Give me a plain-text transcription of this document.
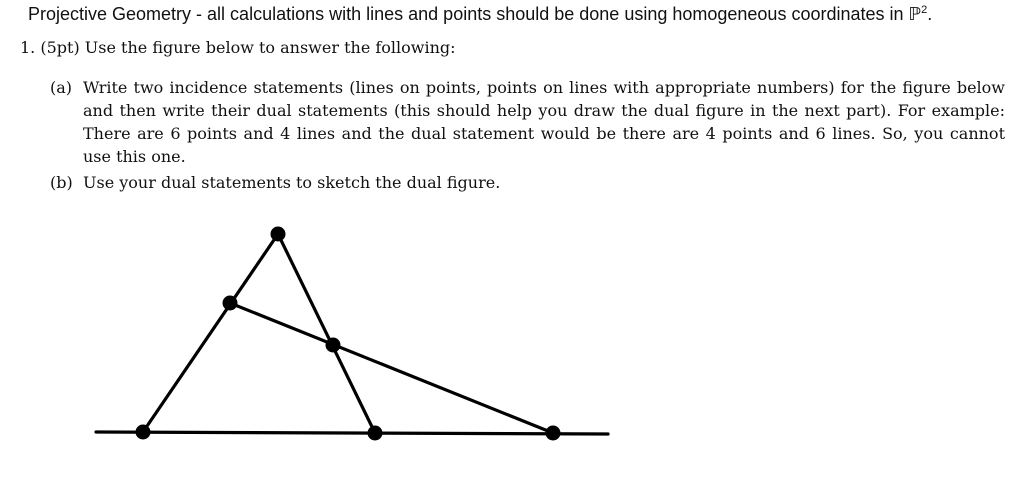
Projective Geometry - all calculations with lines and points should be done using homogeneous coordinates in ℙ$^2$.
1. (5pt) Use the figure below to answer the following:
(a) Write two incidence statements (lines on points, points on lines with appropriate numbers) for the figure below and then write their dual statements (this should help you draw the dual figure in the next part). For example: There are 6 points and 4 lines and the dual statement would be there are 4 points and 6 lines. So, you cannot use this one.
(b) Use your dual statements to sketch the dual figure.
